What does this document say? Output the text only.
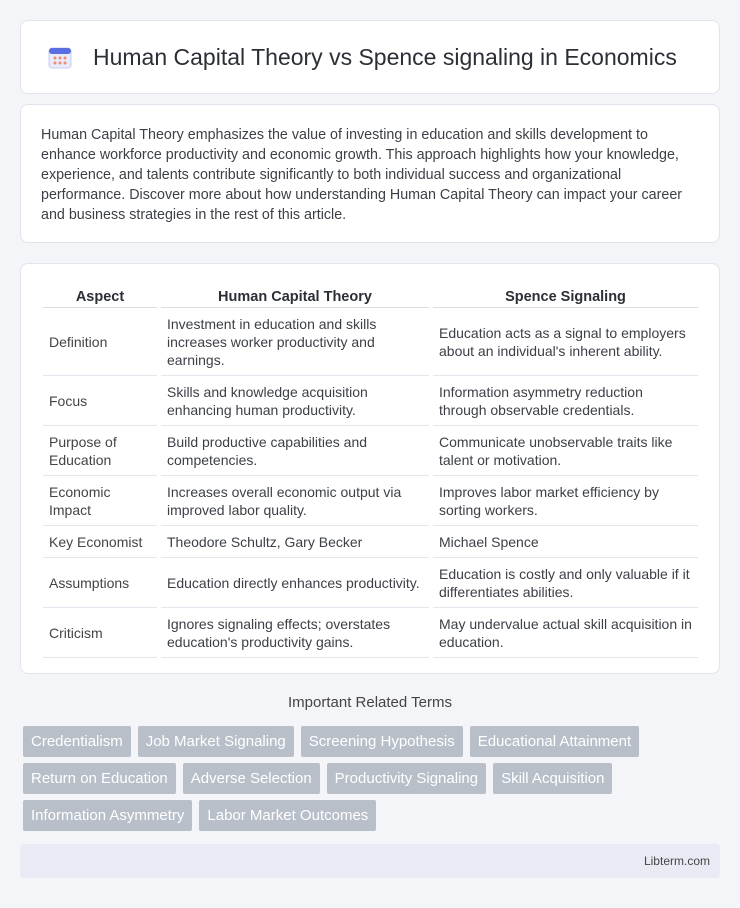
Human Capital Theory vs Spence signaling in Economics

Human Capital Theory emphasizes the value of investing in education and skills development to enhance workforce productivity and economic growth. This approach highlights how your knowledge, experience, and talents contribute significantly to both individual success and organizational performance. Discover more about how understanding Human Capital Theory can impact your career and business strategies in the rest of this article.

Aspect	Human Capital Theory	Spence Signaling
Definition	Investment in education and skills increases worker productivity and earnings.	Education acts as a signal to employers about an individual's inherent ability.
Focus	Skills and knowledge acquisition enhancing human productivity.	Information asymmetry reduction through observable credentials.
Purpose of Education	Build productive capabilities and competencies.	Communicate unobservable traits like talent or motivation.
Economic Impact	Increases overall economic output via improved labor quality.	Improves labor market efficiency by sorting workers.
Key Economist	Theodore Schultz, Gary Becker	Michael Spence
Assumptions	Education directly enhances productivity.	Education is costly and only valuable if it differentiates abilities.
Criticism	Ignores signaling effects; overstates education's productivity gains.	May undervalue actual skill acquisition in education.
Important Related Terms
Credentialism	Job Market Signaling	Screening Hypothesis	Educational Attainment
Return on Education	Adverse Selection	Productivity Signaling	Skill Acquisition
Information Asymmetry	Labor Market Outcomes
Libterm.com
